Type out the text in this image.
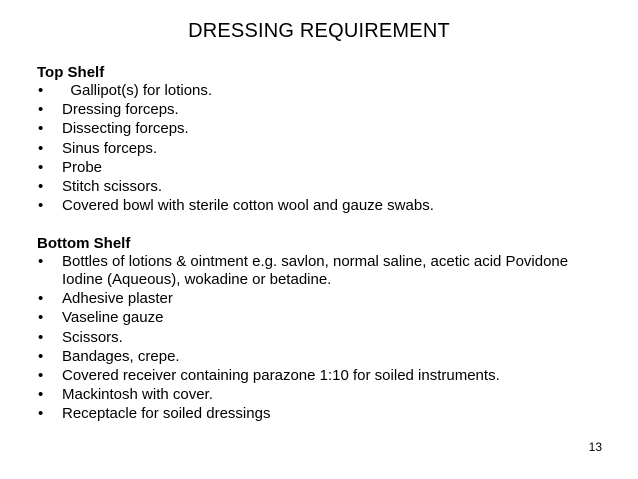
DRESSING REQUIREMENT
Top Shelf
•	Gallipot(s) for lotions.
•	Dressing forceps.
•	Dissecting forceps.
•	Sinus forceps.
•	Probe
•	Stitch scissors.
•	Covered bowl with sterile cotton wool and gauze swabs.
Bottom Shelf
•	Bottles of lotions & ointment e.g. savlon, normal saline, acetic acid Povidone Iodine (Aqueous), wokadine or betadine.
•	Adhesive plaster
•	Vaseline gauze
•	Scissors.
•	Bandages, crepe.
•	Covered receiver containing parazone 1:10 for soiled instruments.
•	Mackintosh with cover.
•	Receptacle for soiled dressings
13
